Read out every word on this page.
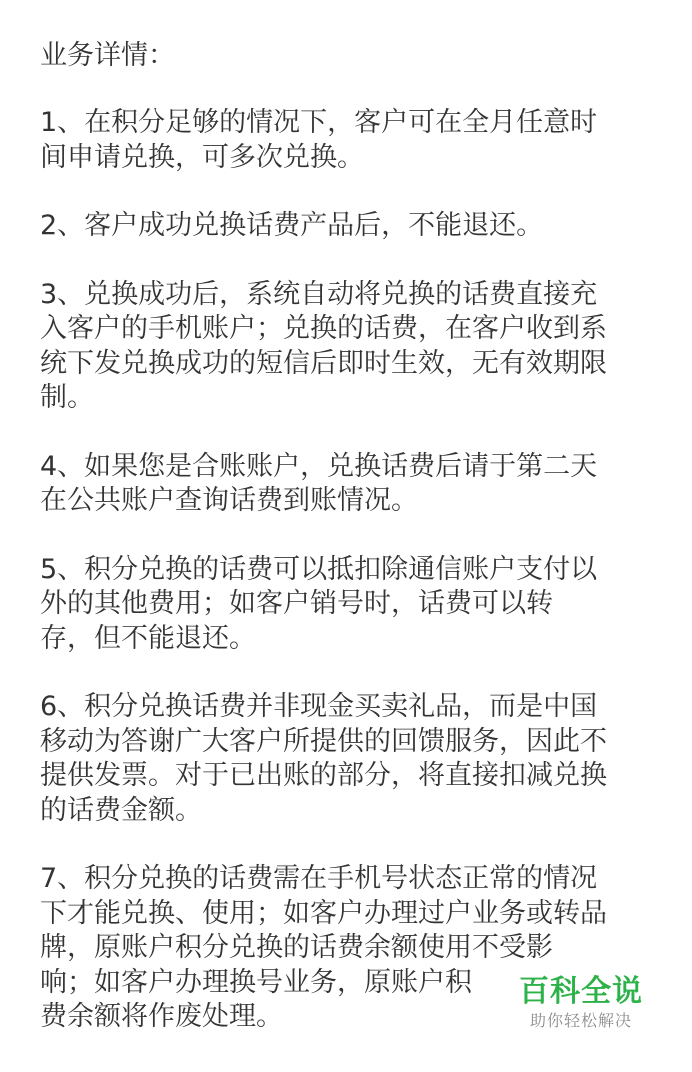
业务详情：
1、在积分足够的情况下，客户可在全月任意时
间申请兑换，可多次兑换。
2、客户成功兑换话费产品后，不能退还。
3、兑换成功后，系统自动将兑换的话费直接充
入客户的手机账户；兑换的话费，在客户收到系
统下发兑换成功的短信后即时生效，无有效期限
制。
4、如果您是合账账户，兑换话费后请于第二天
在公共账户查询话费到账情况。
5、积分兑换的话费可以抵扣除通信账户支付以
外的其他费用；如客户销号时，话费可以转
存，但不能退还。
6、积分兑换话费并非现金买卖礼品，而是中国
移动为答谢广大客户所提供的回馈服务，因此不
提供发票。对于已出账的部分，将直接扣减兑换
的话费金额。
7、积分兑换的话费需在手机号状态正常的情况
下才能兑换、使用；如客户办理过户业务或转品
牌，原账户积分兑换的话费余额使用不受影
响；如客户办理换号业务，原账户积
费余额将作废处理。
百科全说
助你轻松解决
